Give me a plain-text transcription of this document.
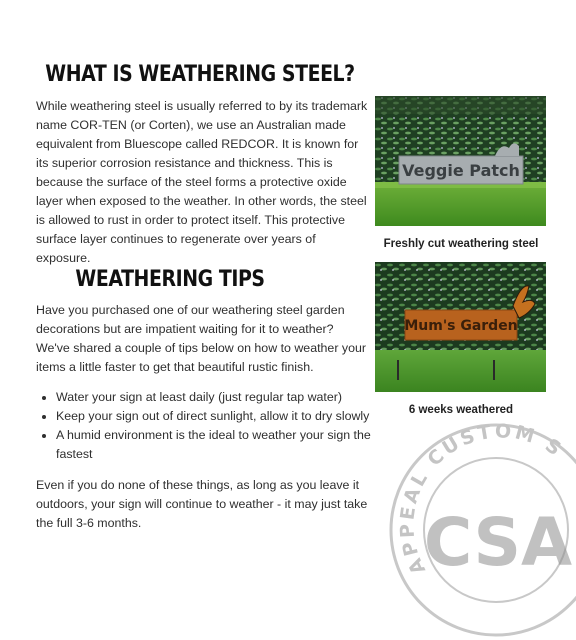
WHAT IS WEATHERING STEEL?

While weathering steel is usually referred to by its trademark name COR-TEN (or Corten), we use an Australian made equivalent from Bluescope called REDCOR. It is known for its superior corrosion resistance and thickness. This is because the surface of the steel forms a protective oxide layer when exposed to the weather. In other words, the steel is allowed to rust in order to protect itself. This protective surface layer continues to regenerate over years of exposure.

WEATHERING TIPS

Have you purchased one of our weathering steel garden decorations but are impatient waiting for it to weather? We've shared a couple of tips below on how to weather your items a little faster to get that beautiful rustic finish.

• Water your sign at least daily (just regular tap water)
• Keep your sign out of direct sunlight, allow it to dry slowly
• A humid environment is the ideal to weather your sign the fastest

Even if you do none of these things, as long as you leave it outdoors, your sign will continue to weather - it may just take the full 3-6 months.

Veggie Patch
Freshly cut weathering steel
Mum's Garden
6 weeks weathered
APPEAL CUSTOM S
CSA
